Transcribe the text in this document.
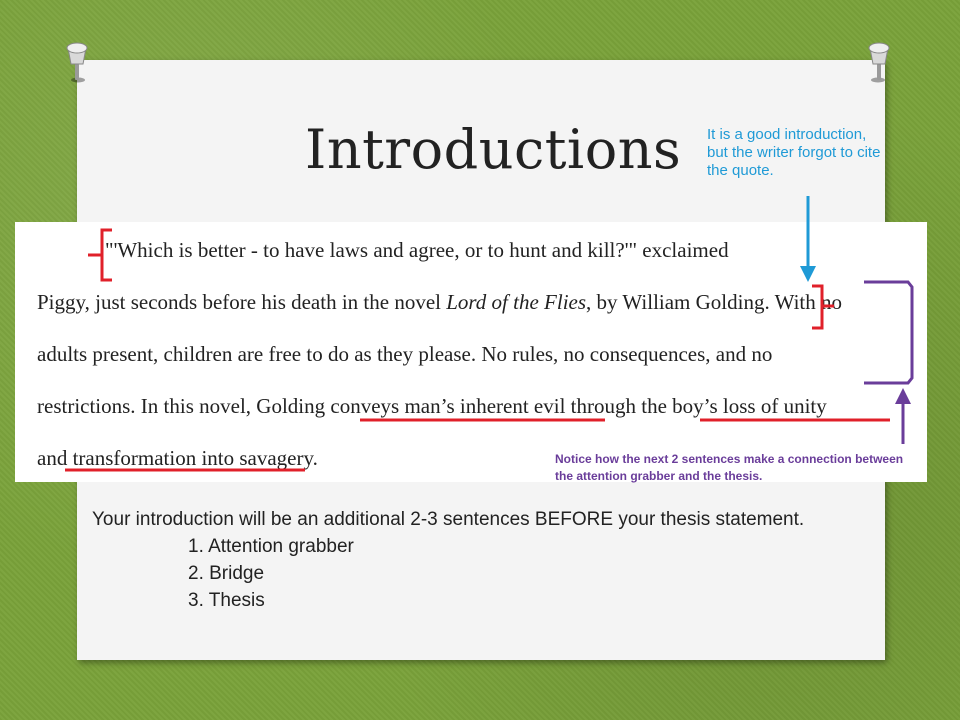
Introductions It is a good introduction, but the writer forgot to cite the quote.
"'Which is better - to have laws and agree, or to hunt and kill?'" exclaimed
Piggy, just seconds before his death in the novel Lord of the Flies, by William Golding. With no
adults present, children are free to do as they please. No rules, no consequences, and no
restrictions. In this novel, Golding conveys man’s inherent evil through the boy’s loss of unity
and transformation into savagery.	Notice how the next 2 sentences make a connection between the attention grabber and the thesis.
Your introduction will be an additional 2-3 sentences BEFORE your thesis statement.
1. Attention grabber
2. Bridge
3. Thesis
